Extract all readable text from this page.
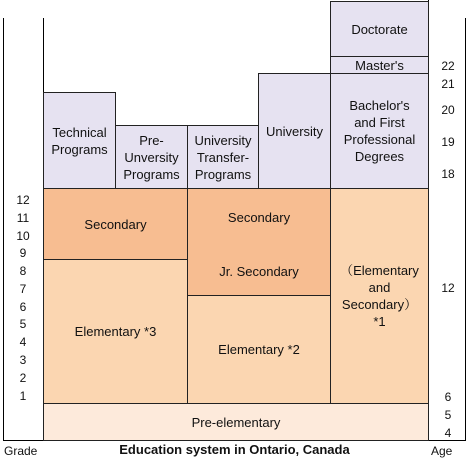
Technical
Programs
Pre-
Unversity
Programs
University
Transfer-
Programs
University
Doctorate
Master's
Bachelor's
and First
Professional
Degrees
Secondary
Elementary *3

Secondary

Jr. Secondary

Elementary *2
（Elementary
and
Secondary）
*1
Pre-elementary
12
11
10
9
8
7
6
5
4
3
2
1
22
21
20
19
18
12
6
5
4
Grade	Education system in Ontario, Canada	Age
